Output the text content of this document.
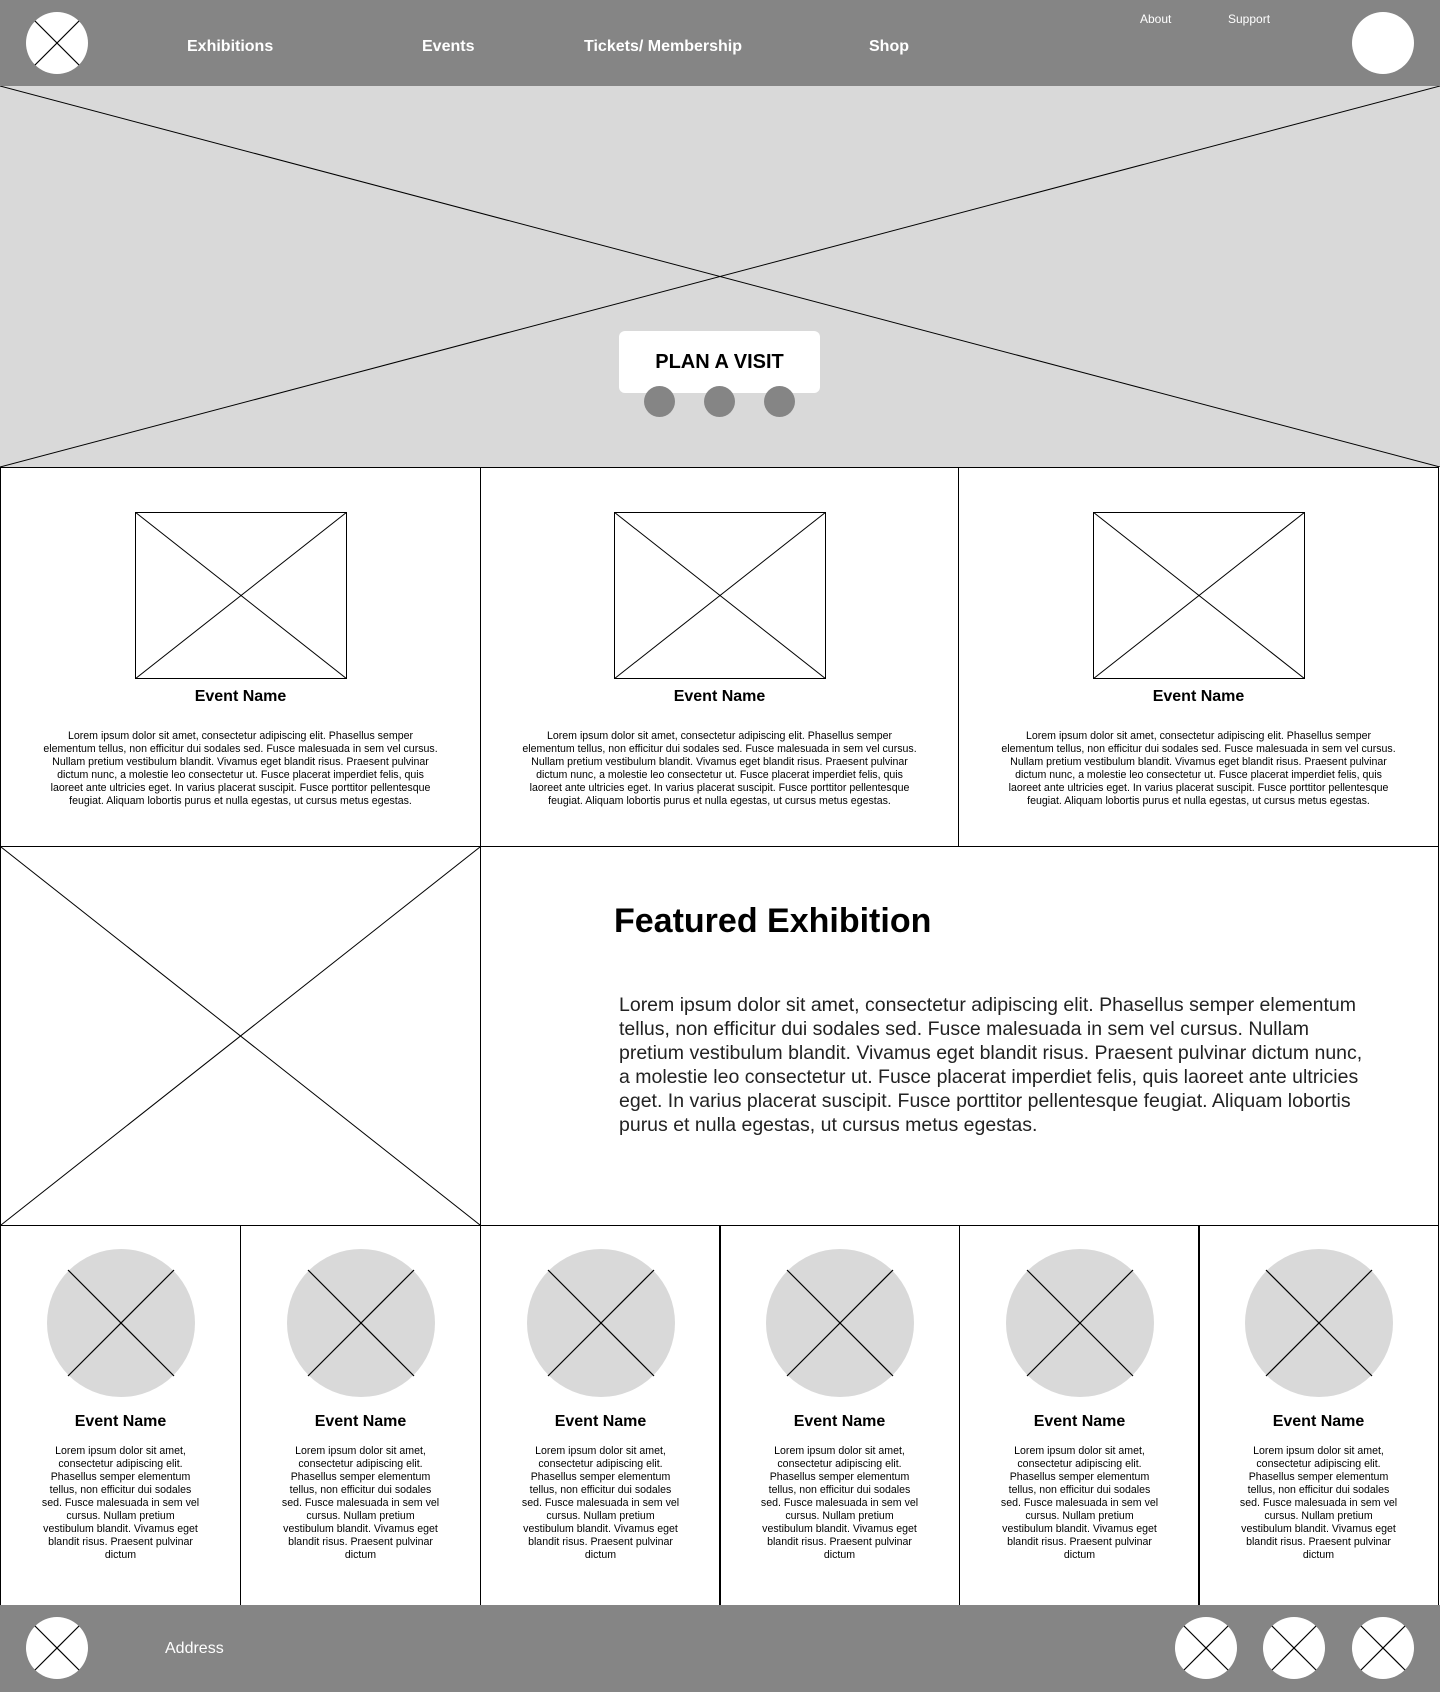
Exhibitions	Events	Tickets/ Membership	Shop
About	Support
PLAN A VISIT
Event Name
Lorem ipsum dolor sit amet, consectetur adipiscing elit. Phasellus semper elementum tellus, non efficitur dui sodales sed. Fusce malesuada in sem vel cursus. Nullam pretium vestibulum blandit. Vivamus eget blandit risus. Praesent pulvinar dictum nunc, a molestie leo consectetur ut. Fusce placerat imperdiet felis, quis laoreet ante ultricies eget. In varius placerat suscipit. Fusce porttitor pellentesque feugiat. Aliquam lobortis purus et nulla egestas, ut cursus metus egestas.
Event Name
Lorem ipsum dolor sit amet, consectetur adipiscing elit. Phasellus semper elementum tellus, non efficitur dui sodales sed. Fusce malesuada in sem vel cursus. Nullam pretium vestibulum blandit. Vivamus eget blandit risus. Praesent pulvinar dictum nunc, a molestie leo consectetur ut. Fusce placerat imperdiet felis, quis laoreet ante ultricies eget. In varius placerat suscipit. Fusce porttitor pellentesque feugiat. Aliquam lobortis purus et nulla egestas, ut cursus metus egestas.
Event Name
Lorem ipsum dolor sit amet, consectetur adipiscing elit. Phasellus semper elementum tellus, non efficitur dui sodales sed. Fusce malesuada in sem vel cursus. Nullam pretium vestibulum blandit. Vivamus eget blandit risus. Praesent pulvinar dictum nunc, a molestie leo consectetur ut. Fusce placerat imperdiet felis, quis laoreet ante ultricies eget. In varius placerat suscipit. Fusce porttitor pellentesque feugiat. Aliquam lobortis purus et nulla egestas, ut cursus metus egestas.
Featured Exhibition

Lorem ipsum dolor sit amet, consectetur adipiscing elit. Phasellus semper elementum tellus, non efficitur dui sodales sed. Fusce malesuada in sem vel cursus. Nullam pretium vestibulum blandit. Vivamus eget blandit risus. Praesent pulvinar dictum nunc, a molestie leo consectetur ut. Fusce placerat imperdiet felis, quis laoreet ante ultricies eget. In varius placerat suscipit. Fusce porttitor pellentesque feugiat. Aliquam lobortis purus et nulla egestas, ut cursus metus egestas.

Event Name
Lorem ipsum dolor sit amet, consectetur adipiscing elit. Phasellus semper elementum tellus, non efficitur dui sodales sed. Fusce malesuada in sem vel cursus. Nullam pretium vestibulum blandit. Vivamus eget blandit risus. Praesent pulvinar dictum
Event Name
Lorem ipsum dolor sit amet, consectetur adipiscing elit. Phasellus semper elementum tellus, non efficitur dui sodales sed. Fusce malesuada in sem vel cursus. Nullam pretium vestibulum blandit. Vivamus eget blandit risus. Praesent pulvinar dictum
Event Name
Lorem ipsum dolor sit amet, consectetur adipiscing elit. Phasellus semper elementum tellus, non efficitur dui sodales sed. Fusce malesuada in sem vel cursus. Nullam pretium vestibulum blandit. Vivamus eget blandit risus. Praesent pulvinar dictum
Event Name
Lorem ipsum dolor sit amet, consectetur adipiscing elit. Phasellus semper elementum tellus, non efficitur dui sodales sed. Fusce malesuada in sem vel cursus. Nullam pretium vestibulum blandit. Vivamus eget blandit risus. Praesent pulvinar dictum
Event Name
Lorem ipsum dolor sit amet, consectetur adipiscing elit. Phasellus semper elementum tellus, non efficitur dui sodales sed. Fusce malesuada in sem vel cursus. Nullam pretium vestibulum blandit. Vivamus eget blandit risus. Praesent pulvinar dictum
Event Name
Lorem ipsum dolor sit amet, consectetur adipiscing elit. Phasellus semper elementum tellus, non efficitur dui sodales sed. Fusce malesuada in sem vel cursus. Nullam pretium vestibulum blandit. Vivamus eget blandit risus. Praesent pulvinar dictum
Address
